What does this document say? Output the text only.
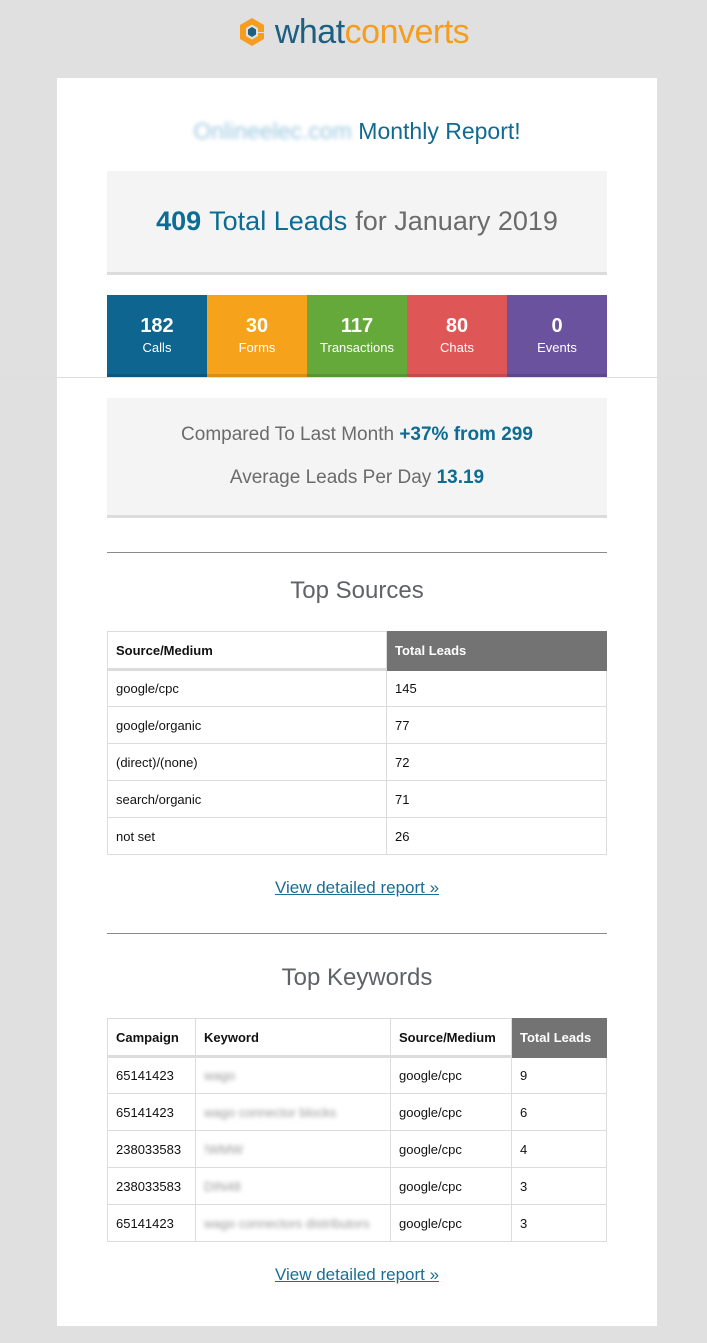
whatconverts
Onlineelec.com Monthly Report!
409 Total Leads for January 2019
182
Calls
30
Forms
117
Transactions
80
Chats
0
Events
Compared To Last Month +37% from 299
Average Leads Per Day 13.19
Top Sources
Source/Medium	Total Leads
google/cpc	145
google/organic	77
(direct)/(none)	72
search/organic	71
not set	26
View detailed report »
Top Keywords
Campaign	Keyword	Source/Medium	Total Leads
65141423	wago	google/cpc	9
65141423	wago connector blocks	google/cpc	6
238033583	!WMW	google/cpc	4
238033583	DIN48	google/cpc	3
65141423	wago connectors distributors	google/cpc	3
View detailed report »
